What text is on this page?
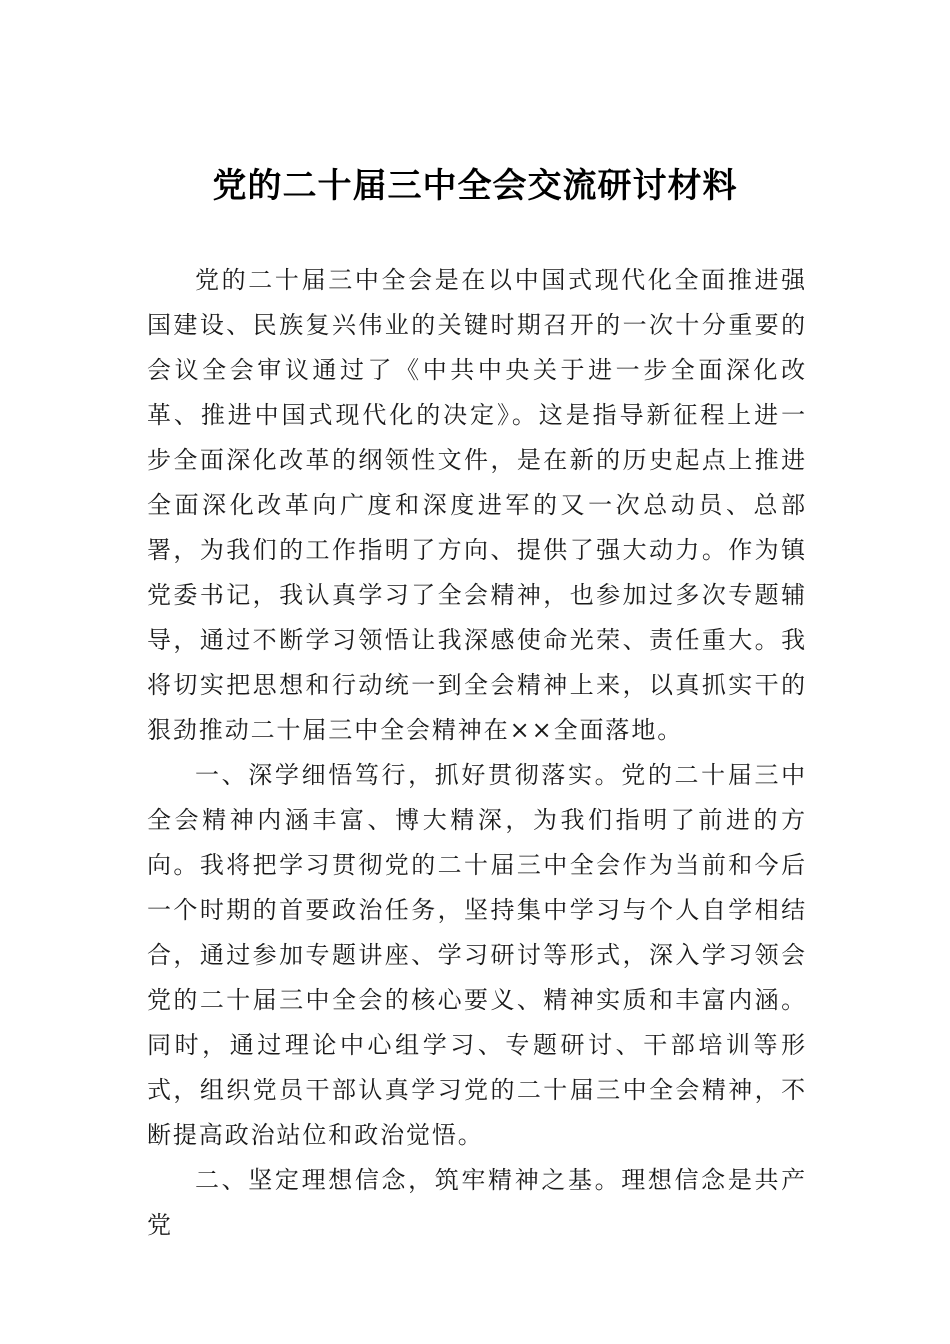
党的二十届三中全会交流研讨材料

党的二十届三中全会是在以中国式现代化全面推进强国建设、民族复兴伟业的关键时期召开的一次十分重要的会议全会审议通过了《中共中央关于进一步全面深化改革、推进中国式现代化的决定》。这是指导新征程上进一步全面深化改革的纲领性文件，是在新的历史起点上推进全面深化改革向广度和深度进军的又一次总动员、总部署，为我们的工作指明了方向、提供了强大动力。作为镇党委书记，我认真学习了全会精神，也参加过多次专题辅导，通过不断学习领悟让我深感使命光荣、责任重大。我将切实把思想和行动统一到全会精神上来，以真抓实干的狠劲推动二十届三中全会精神在××全面落地。

一、深学细悟笃行，抓好贯彻落实。党的二十届三中全会精神内涵丰富、博大精深，为我们指明了前进的方向。我将把学习贯彻党的二十届三中全会作为当前和今后一个时期的首要政治任务，坚持集中学习与个人自学相结合，通过参加专题讲座、学习研讨等形式，深入学习领会党的二十届三中全会的核心要义、精神实质和丰富内涵。同时，通过理论中心组学习、专题研讨、干部培训等形式，组织党员干部认真学习党的二十届三中全会精神，不断提高政治站位和政治觉悟。

二、坚定理想信念，筑牢精神之基。理想信念是共产党
